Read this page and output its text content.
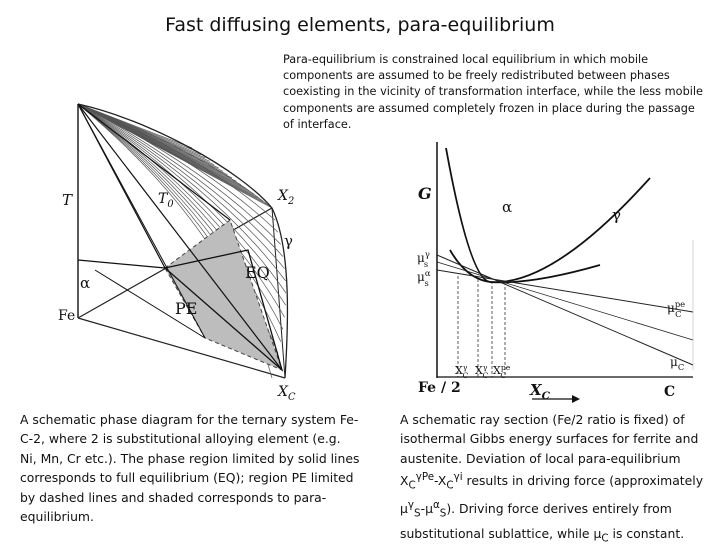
Fast diffusing elements, para-equilibrium
Para-equilibrium is constrained local equilibrium in which mobile components are assumed to be freely redistributed between phases coexisting in the vicinity of transformation interface, while the less mobile components are assumed completely frozen in place during the passage of interface.
T	$T_0$
$X_2$
γ
α
EQ
PE
Fe
$X_C$
G
α	γ
$\mu^\gamma$ s
$\mu^\alpha$ s
$\mu^{pe}$ C
$\mu_C$
$X^\gamma$ C $X^\gamma$ C $X^{pe}$ C
Fe / 2	$X_C$	C
A schematic phase diagram for the ternary system Fe-C-2, where 2 is substitutional alloying element (e.g. Ni, Mn, Cr etc.). The phase region limited by solid lines corresponds to full equilibrium (EQ); region PE limited by dashed lines and shaded corresponds to para-equilibrium.
A schematic ray section (Fe/2 ratio is fixed) of isothermal Gibbs energy surfaces for ferrite and austenite. Deviation of local para-equilibrium $X_C^{\gamma Pe}-X_C^{\gamma i}$ results in driving force (approximately $\mu^\gamma_S-\mu^\alpha_S$). Driving force derives entirely from substitutional sublattice, while $\mu_C$ is constant.
